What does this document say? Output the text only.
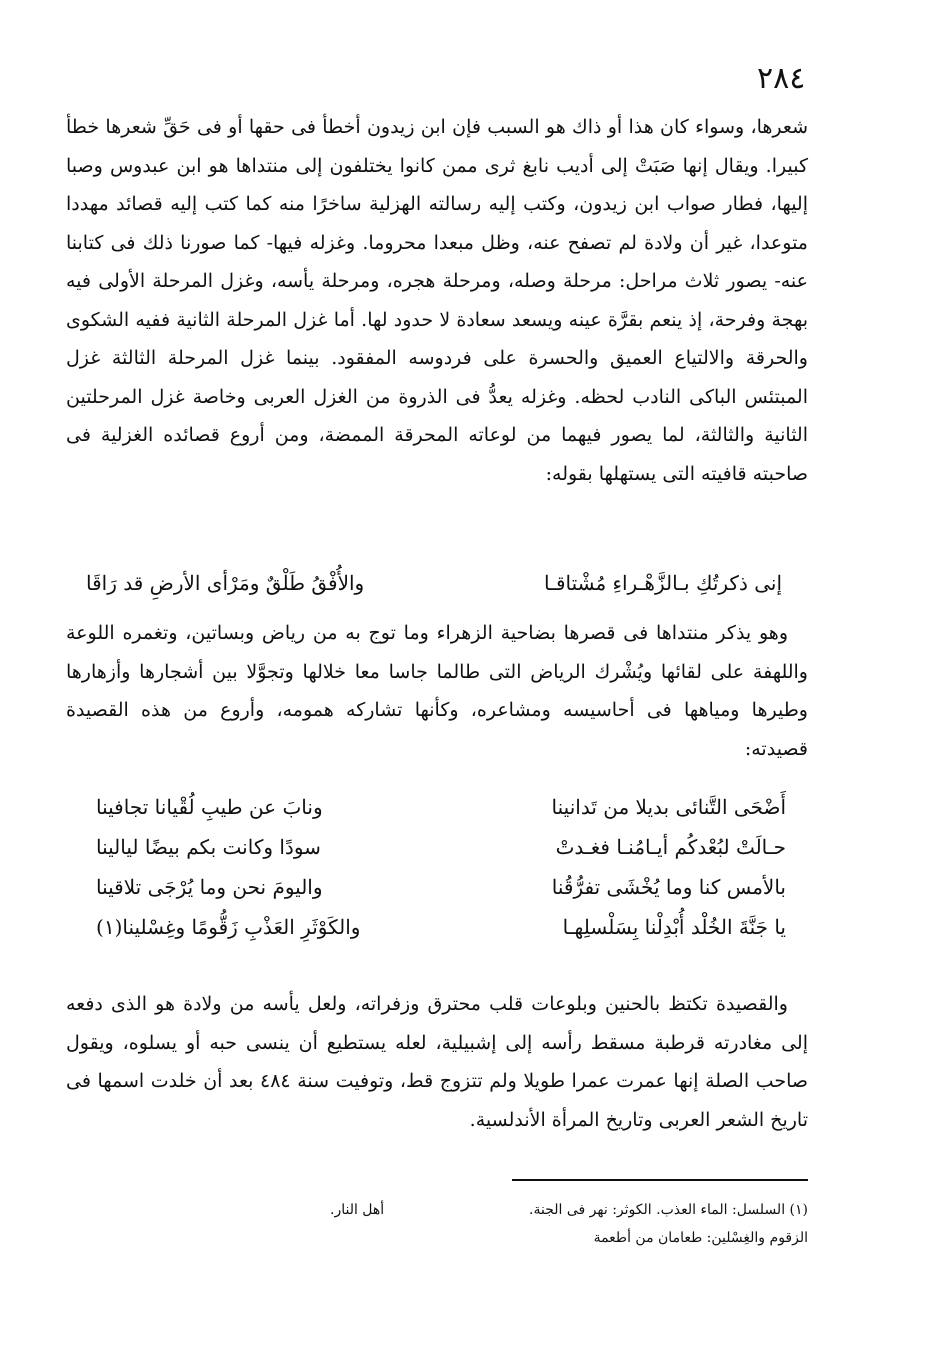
٢٨٤

شعرها، وسواء كان هذا أو ذاك هو السبب فإن ابن زيدون أخطأ فى حقها أو فى حَقِّ شعرها خطأ كبيرا. ويقال إنها صَبَتْ إلى أديب نابغ ثرى ممن كانوا يختلفون إلى منتداها هو ابن عبدوس وصبا إليها، فطار صواب ابن زيدون، وكتب إليه رسالته الهزلية ساخرًا منه كما كتب إليه قصائد مهددا متوعدا، غير أن ولادة لم تصفح عنه، وظل مبعدا محروما. وغزله فيها- كما صورنا ذلك فى كتابنا عنه- يصور ثلاث مراحل: مرحلة وصله، ومرحلة هجره، ومرحلة يأسه، وغزل المرحلة الأولى فيه بهجة وفرحة، إذ ينعم بقرَّة عينه ويسعد سعادة لا حدود لها. أما غزل المرحلة الثانية ففيه الشكوى والحرقة والالتياع العميق والحسرة على فردوسه المفقود. بينما غزل المرحلة الثالثة غزل المبتئس الباكى النادب لحظه. وغزله يعدُّ فى الذروة من الغزل العربى وخاصة غزل المرحلتين الثانية والثالثة، لما يصور فيهما من لوعاته المحرقة الممضة، ومن أروع قصائده الغزلية فى صاحبته قافيته التى يستهلها بقوله:

إنى ذكرتُكِ بـالزَّهْـراءِ مُشْتاقـا
والأُفْقُ طَلْقٌ ومَرْأى الأرضِ قد رَاقَا

وهو يذكر منتداها فى قصرها بضاحية الزهراء وما توج به من رياض وبساتين، وتغمره اللوعة واللهفة على لقائها ويُشْرك الرياض التى طالما جاسا معا خلالها وتجوَّلا بين أشجارها وأزهارها وطيرها ومياهها فى أحاسيسه ومشاعره، وكأنها تشاركه همومه، وأروع من هذه القصيدة قصيدته:

أَضْحَى التَّنائى بديلا من تَدانينا
ونابَ عن طيبِ لُقْيانا تجافينا
حـالَتْ لبُعْدكُم أيـامُنـا فغـدتْ
سودًا وكانت بكم بيضًا ليالينا
بالأمس كنا وما يُخْشَى تفرُّقُنا
واليومَ نحن وما يُرْجَى تلاقينا
يا جَنَّةَ الخُلْد أُبْدِلْنا بِسَلْسلِهـا
والكَوْثَرِ العَذْبِ زَقُّومًا وغِسْلينا(١)

والقصيدة تكتظ بالحنين وبلوعات قلب محترق وزفراته، ولعل يأسه من ولادة هو الذى دفعه إلى مغادرته قرطبة مسقط رأسه إلى إشبيلية، لعله يستطيع أن ينسى حبه أو يسلوه، ويقول صاحب الصلة إنها عمرت عمرا طويلا ولم تتزوج قط، وتوفيت سنة ٤٨٤ بعد أن خلدت اسمها فى تاريخ الشعر العربى وتاريخ المرأة الأندلسية.

(١) السلسل: الماء العذب. الكوثر: نهر فى الجنة.
أهل النار.
الزقوم والغِسْلين: طعامان من أطعمة
